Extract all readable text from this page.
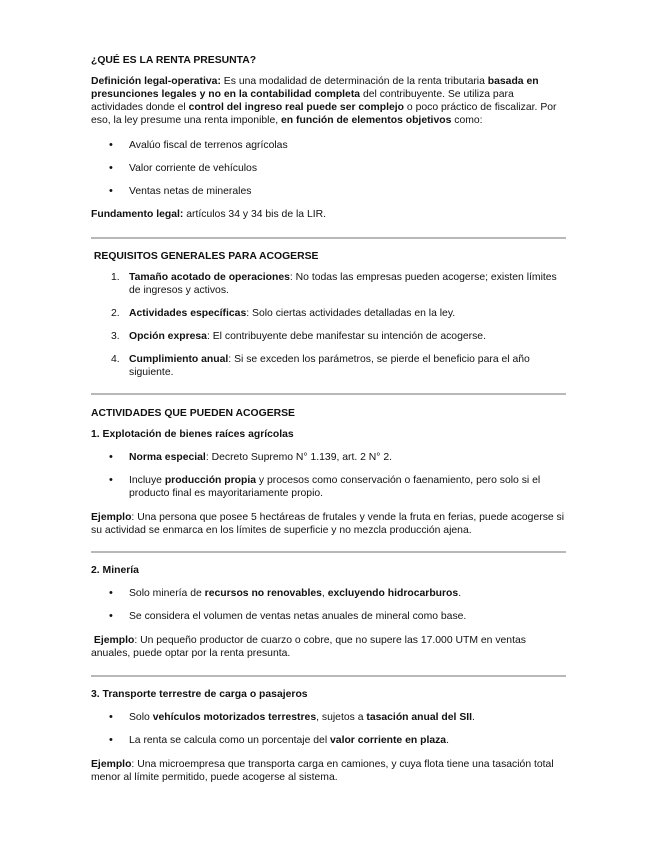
¿QUÉ ES LA RENTA PRESUNTA?

Definición legal-operativa: Es una modalidad de determinación de la renta tributaria basada en presunciones legales y no en la contabilidad completa del contribuyente. Se utiliza para actividades donde el control del ingreso real puede ser complejo o poco práctico de fiscalizar. Por eso, la ley presume una renta imponible, en función de elementos objetivos como:

• Avalúo fiscal de terrenos agrícolas
• Valor corriente de vehículos
• Ventas netas de minerales

Fundamento legal: artículos 34 y 34 bis de la LIR.

REQUISITOS GENERALES PARA ACOGERSE

1. Tamaño acotado de operaciones: No todas las empresas pueden acogerse; existen límites de ingresos y activos.
2. Actividades específicas: Solo ciertas actividades detalladas en la ley.
3. Opción expresa: El contribuyente debe manifestar su intención de acogerse.
4. Cumplimiento anual: Si se exceden los parámetros, se pierde el beneficio para el año siguiente.

ACTIVIDADES QUE PUEDEN ACOGERSE

1. Explotación de bienes raíces agrícolas

• Norma especial: Decreto Supremo N° 1.139, art. 2 N° 2.
• Incluye producción propia y procesos como conservación o faenamiento, pero solo si el producto final es mayoritariamente propio.

Ejemplo: Una persona que posee 5 hectáreas de frutales y vende la fruta en ferias, puede acogerse si su actividad se enmarca en los límites de superficie y no mezcla producción ajena.

2. Minería

• Solo minería de recursos no renovables, excluyendo hidrocarburos.
• Se considera el volumen de ventas netas anuales de mineral como base.

Ejemplo: Un pequeño productor de cuarzo o cobre, que no supere las 17.000 UTM en ventas anuales, puede optar por la renta presunta.

3. Transporte terrestre de carga o pasajeros

• Solo vehículos motorizados terrestres, sujetos a tasación anual del SII.
• La renta se calcula como un porcentaje del valor corriente en plaza.

Ejemplo: Una microempresa que transporta carga en camiones, y cuya flota tiene una tasación total menor al límite permitido, puede acogerse al sistema.
